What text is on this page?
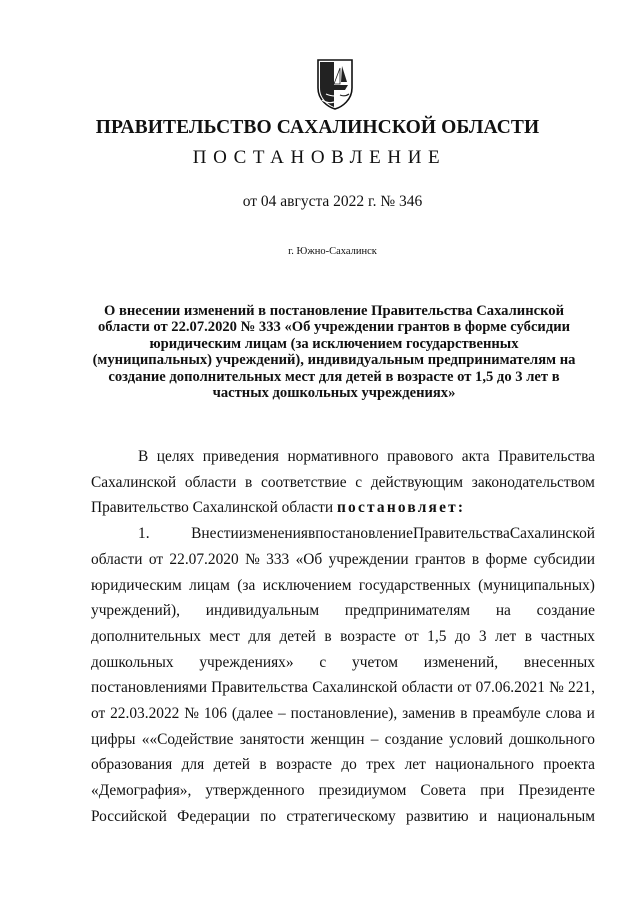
ПРАВИТЕЛЬСТВО САХАЛИНСКОЙ ОБЛАСТИ
ПОСТАНОВЛЕНИЕ
от 04 августа 2022 г. № 346
г. Южно-Сахалинск
О внесении изменений в постановление Правительства Сахалинской
области от 22.07.2020 № 333 «Об учреждении грантов в форме субсидии
юридическим лицам (за исключением государственных
(муниципальных) учреждений), индивидуальным предпринимателям на
создание дополнительных мест для детей в возрасте от 1,5 до 3 лет в
частных дошкольных учреждениях»
В целях приведения нормативного правового акта Правительства
Сахалинской области в соответствие с действующим законодательством
Правительство Сахалинской области
постановляет:
1.	Внести изменения в постановление Правительства Сахалинской
области от 22.07.2020 № 333 «Об учреждении грантов в форме субсидии
юридическим лицам (за исключением государственных (муниципальных)
учреждений), индивидуальным предпринимателям на создание
дополнительных мест для детей в возрасте от 1,5 до 3 лет в частных
дошкольных учреждениях» с учетом изменений, внесенных
постановлениями Правительства Сахалинской области от 07.06.2021 № 221,
от 22.03.2022 № 106 (далее – постановление), заменив в преамбуле слова и
цифры ««Содействие занятости женщин – создание условий дошкольного
образования для детей в возрасте до трех лет национального проекта
«Демография», утвержденного президиумом Совета при Президенте
Российской Федерации по стратегическому развитию и национальным
